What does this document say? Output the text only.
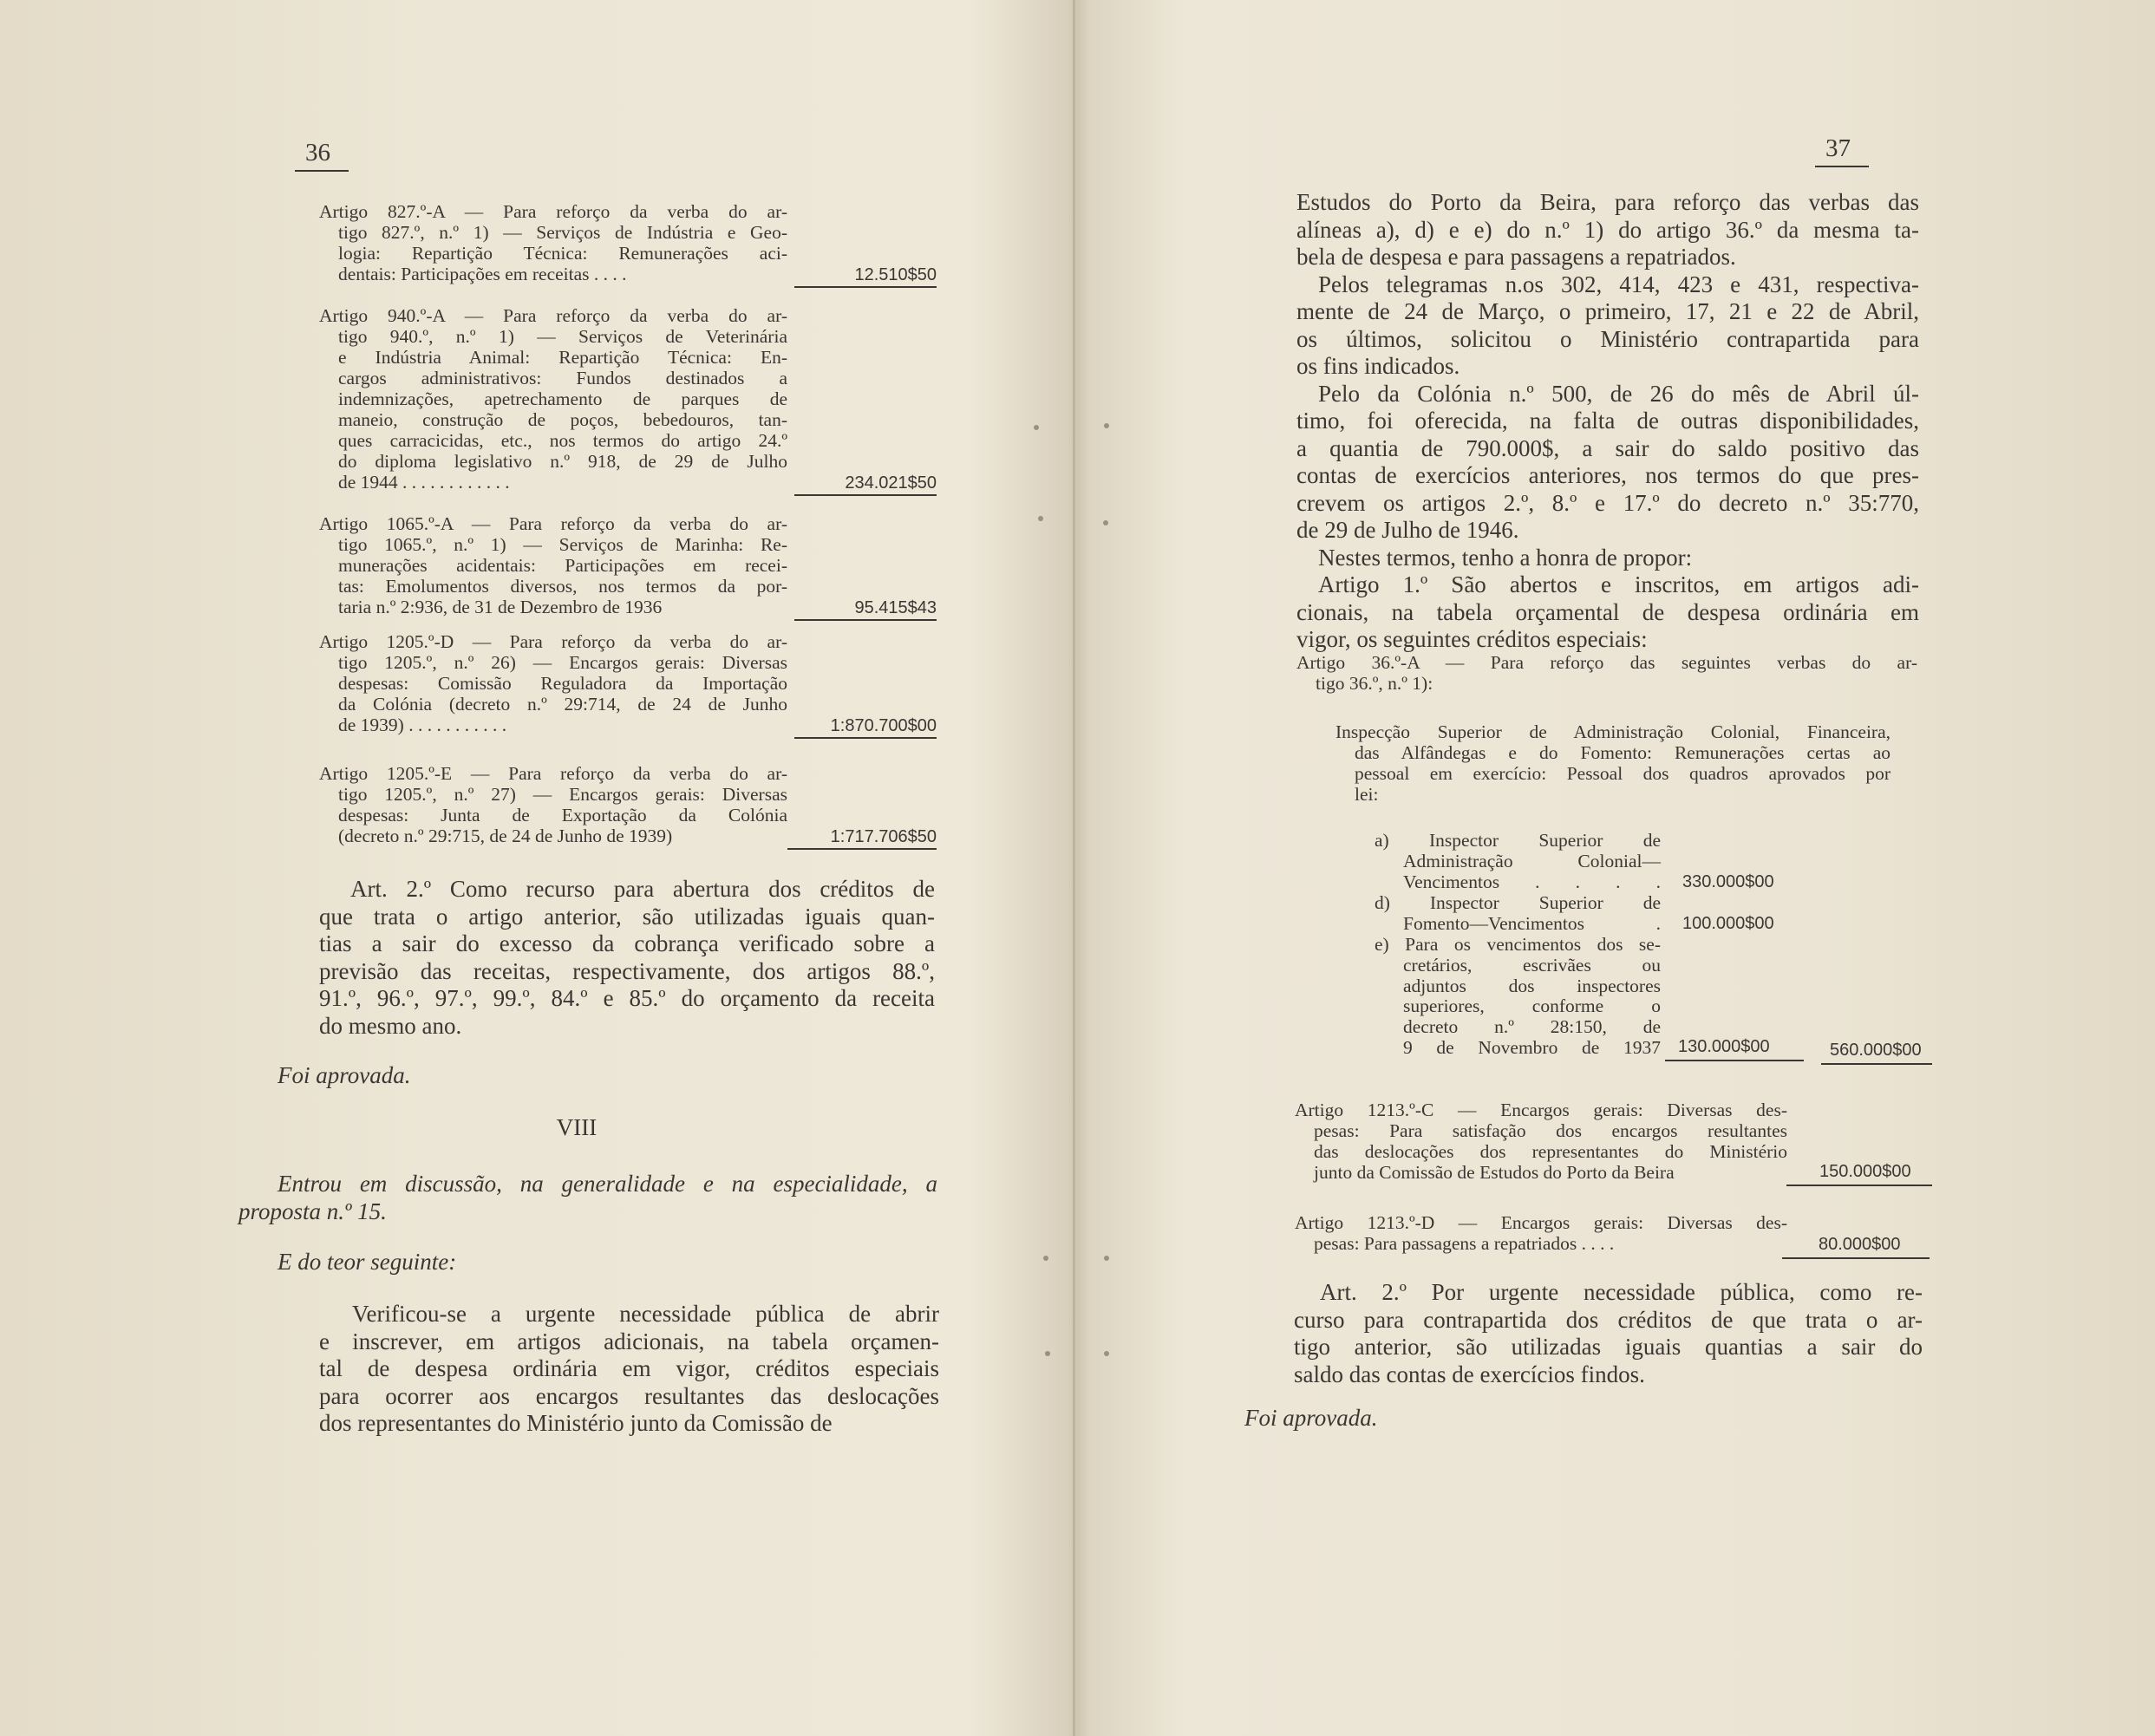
36
Artigo 827.º-A — Para reforço da verba do ar-
tigo 827.º, n.º 1) — Serviços de Indústria e Geo-
logia: Repartição Técnica: Remunerações aci-
dentais: Participações em receitas . . . .	12.510$50
Artigo 940.º-A — Para reforço da verba do ar-
tigo 940.º, n.º 1) — Serviços de Veterinária
e Indústria Animal: Repartição Técnica: En-
cargos administrativos: Fundos destinados a
indemnizações, apetrechamento de parques de
maneio, construção de poços, bebedouros, tan-
ques carracicidas, etc., nos termos do artigo 24.º
do diploma legislativo n.º 918, de 29 de Julho
de 1944 . . . . . . . . . . . .	234.021$50
Artigo 1065.º-A — Para reforço da verba do ar-
tigo 1065.º, n.º 1) — Serviços de Marinha: Re-
munerações acidentais: Participações em recei-
tas: Emolumentos diversos, nos termos da por-
taria n.º 2:936, de 31 de Dezembro de 1936	95.415$43
Artigo 1205.º-D — Para reforço da verba do ar-
tigo 1205.º, n.º 26) — Encargos gerais: Diversas
despesas: Comissão Reguladora da Importação
da Colónia (decreto n.º 29:714, de 24 de Junho
de 1939) . . . . . . . . . . .	1:870.700$00
Artigo 1205.º-E — Para reforço da verba do ar-
tigo 1205.º, n.º 27) — Encargos gerais: Diversas
despesas: Junta de Exportação da Colónia
(decreto n.º 29:715, de 24 de Junho de 1939)	1:717.706$50
Art. 2.º Como recurso para abertura dos créditos de
que trata o artigo anterior, são utilizadas iguais quan-
tias a sair do excesso da cobrança verificado sobre a
previsão das receitas, respectivamente, dos artigos 88.º,
91.º, 96.º, 97.º, 99.º, 84.º e 85.º do orçamento da receita
do mesmo ano.
Foi aprovada.
VIII
Entrou em discussão, na generalidade e na especialidade, a
proposta n.º 15.
E do teor seguinte:
Verificou-se a urgente necessidade pública de abrir
e inscrever, em artigos adicionais, na tabela orçamen-
tal de despesa ordinária em vigor, créditos especiais
para ocorrer aos encargos resultantes das deslocações
dos representantes do Ministério junto da Comissão de
37
Estudos do Porto da Beira, para reforço das verbas das
alíneas a), d) e e) do n.º 1) do artigo 36.º da mesma ta-
bela de despesa e para passagens a repatriados.
Pelos telegramas n.os 302, 414, 423 e 431, respectiva-
mente de 24 de Março, o primeiro, 17, 21 e 22 de Abril,
os últimos, solicitou o Ministério contrapartida para
os fins indicados.
Pelo da Colónia n.º 500, de 26 do mês de Abril úl-
timo, foi oferecida, na falta de outras disponibilidades,
a quantia de 790.000$, a sair do saldo positivo das
contas de exercícios anteriores, nos termos do que pres-
crevem os artigos 2.º, 8.º e 17.º do decreto n.º 35:770,
de 29 de Julho de 1946.
Nestes termos, tenho a honra de propor:
Artigo 1.º São abertos e inscritos, em artigos adi-
cionais, na tabela orçamental de despesa ordinária em
vigor, os seguintes créditos especiais:
Artigo 36.º-A — Para reforço das seguintes verbas do ar-
tigo 36.º, n.º 1):
Inspecção Superior de Administração Colonial, Financeira,
das Alfândegas e do Fomento: Remunerações certas ao
pessoal em exercício: Pessoal dos quadros aprovados por
lei:
a) Inspector Superior de
Administração Colonial—
Vencimentos . . . . 330.000$00
d) Inspector Superior de
Fomento—Vencimentos . 100.000$00
e) Para os vencimentos dos se-
cretários, escrivães ou
adjuntos dos inspectores
superiores, conforme o
decreto n.º 28:150, de
9 de Novembro de 1937 130.000$00	560.000$00
Artigo 1213.º-C — Encargos gerais: Diversas des-
pesas: Para satisfação dos encargos resultantes
das deslocações dos representantes do Ministério
junto da Comissão de Estudos do Porto da Beira	150.000$00
Artigo 1213.º-D — Encargos gerais: Diversas des-
pesas: Para passagens a repatriados . . . .	80.000$00
Art. 2.º Por urgente necessidade pública, como re-
curso para contrapartida dos créditos de que trata o ar-
tigo anterior, são utilizadas iguais quantias a sair do
saldo das contas de exercícios findos.
Foi aprovada.
